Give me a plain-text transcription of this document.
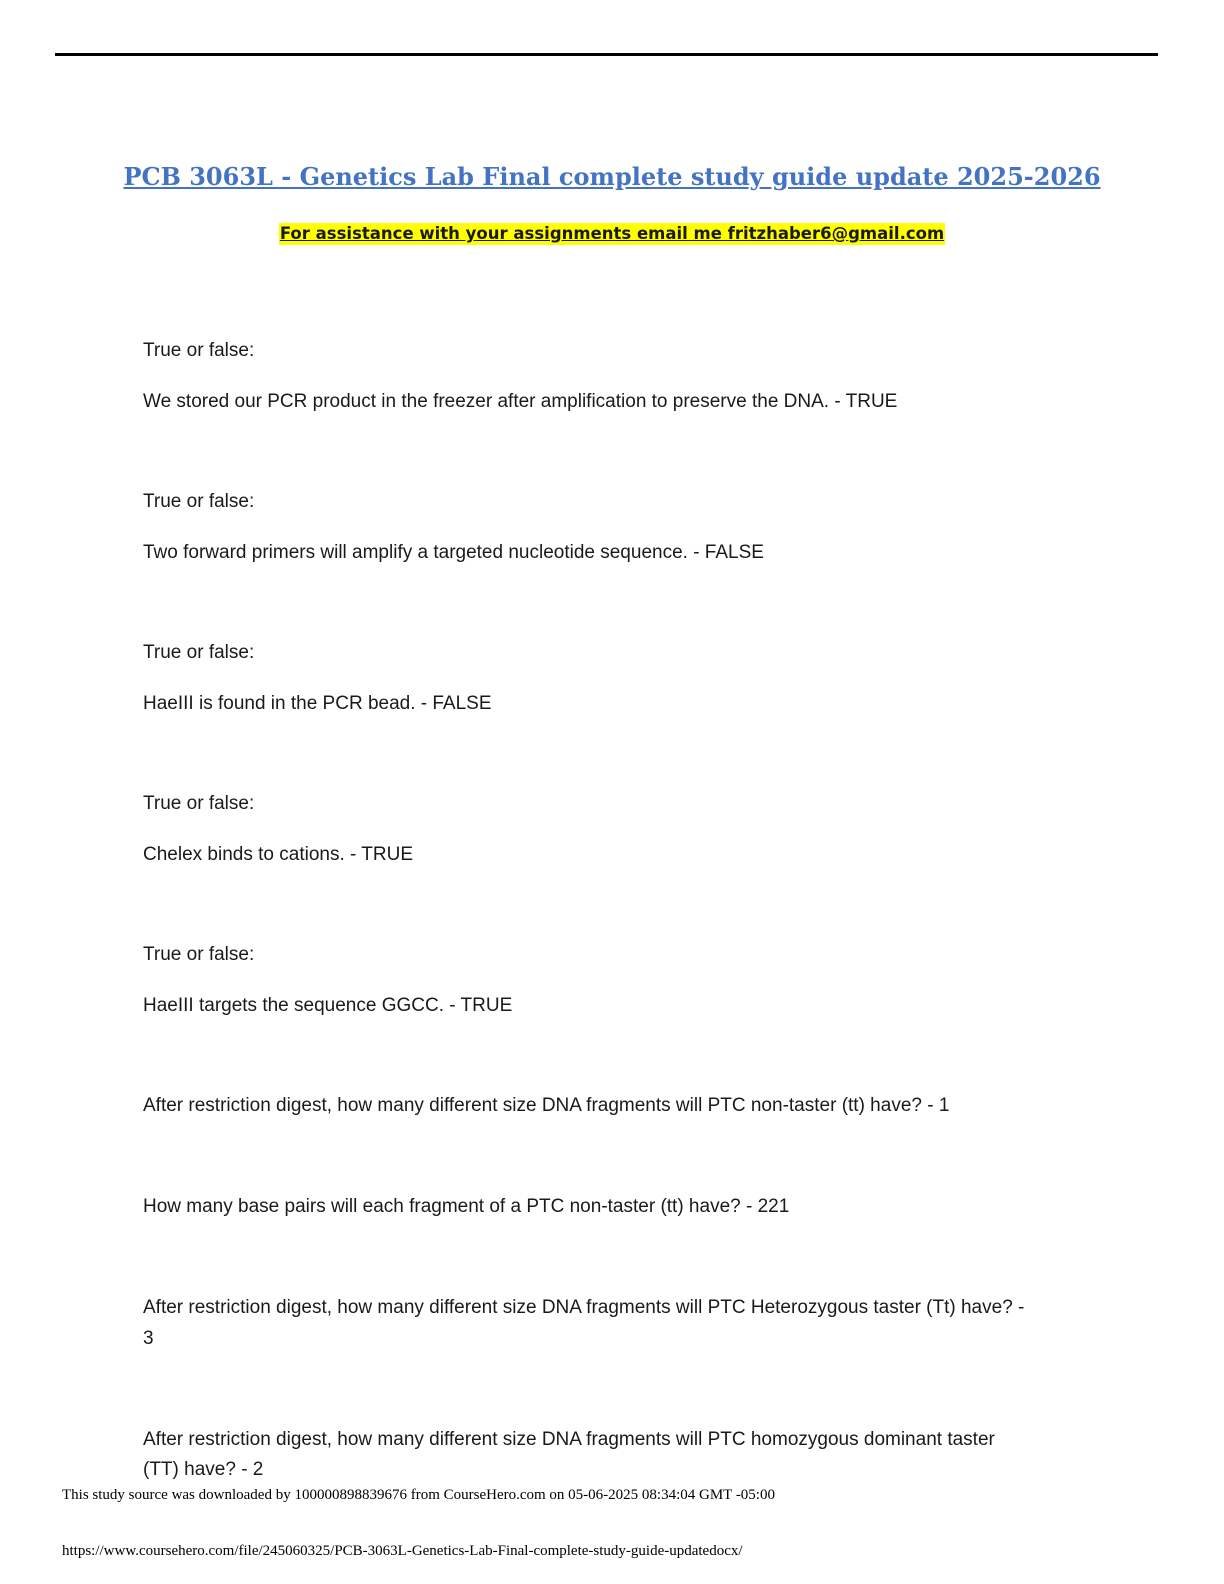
PCB 3063L - Genetics Lab Final complete study guide update 2025-2026
For assistance with your assignments email me fritzhaber6@gmail.com
True or false:
We stored our PCR product in the freezer after amplification to preserve the DNA. - TRUE
True or false:
Two forward primers will amplify a targeted nucleotide sequence. - FALSE
True or false:
HaeIII is found in the PCR bead. - FALSE
True or false:
Chelex binds to cations. - TRUE
True or false:
HaeIII targets the sequence GGCC. - TRUE
After restriction digest, how many different size DNA fragments will PTC non-taster (tt) have? - 1
How many base pairs will each fragment of a PTC non-taster (tt) have? - 221
After restriction digest, how many different size DNA fragments will PTC Heterozygous taster (Tt) have? -
3
After restriction digest, how many different size DNA fragments will PTC homozygous dominant taster
(TT) have? - 2
This study source was downloaded by 100000898839676 from CourseHero.com on 05-06-2025 08:34:04 GMT -05:00
https://www.coursehero.com/file/245060325/PCB-3063L-Genetics-Lab-Final-complete-study-guide-updatedocx/
